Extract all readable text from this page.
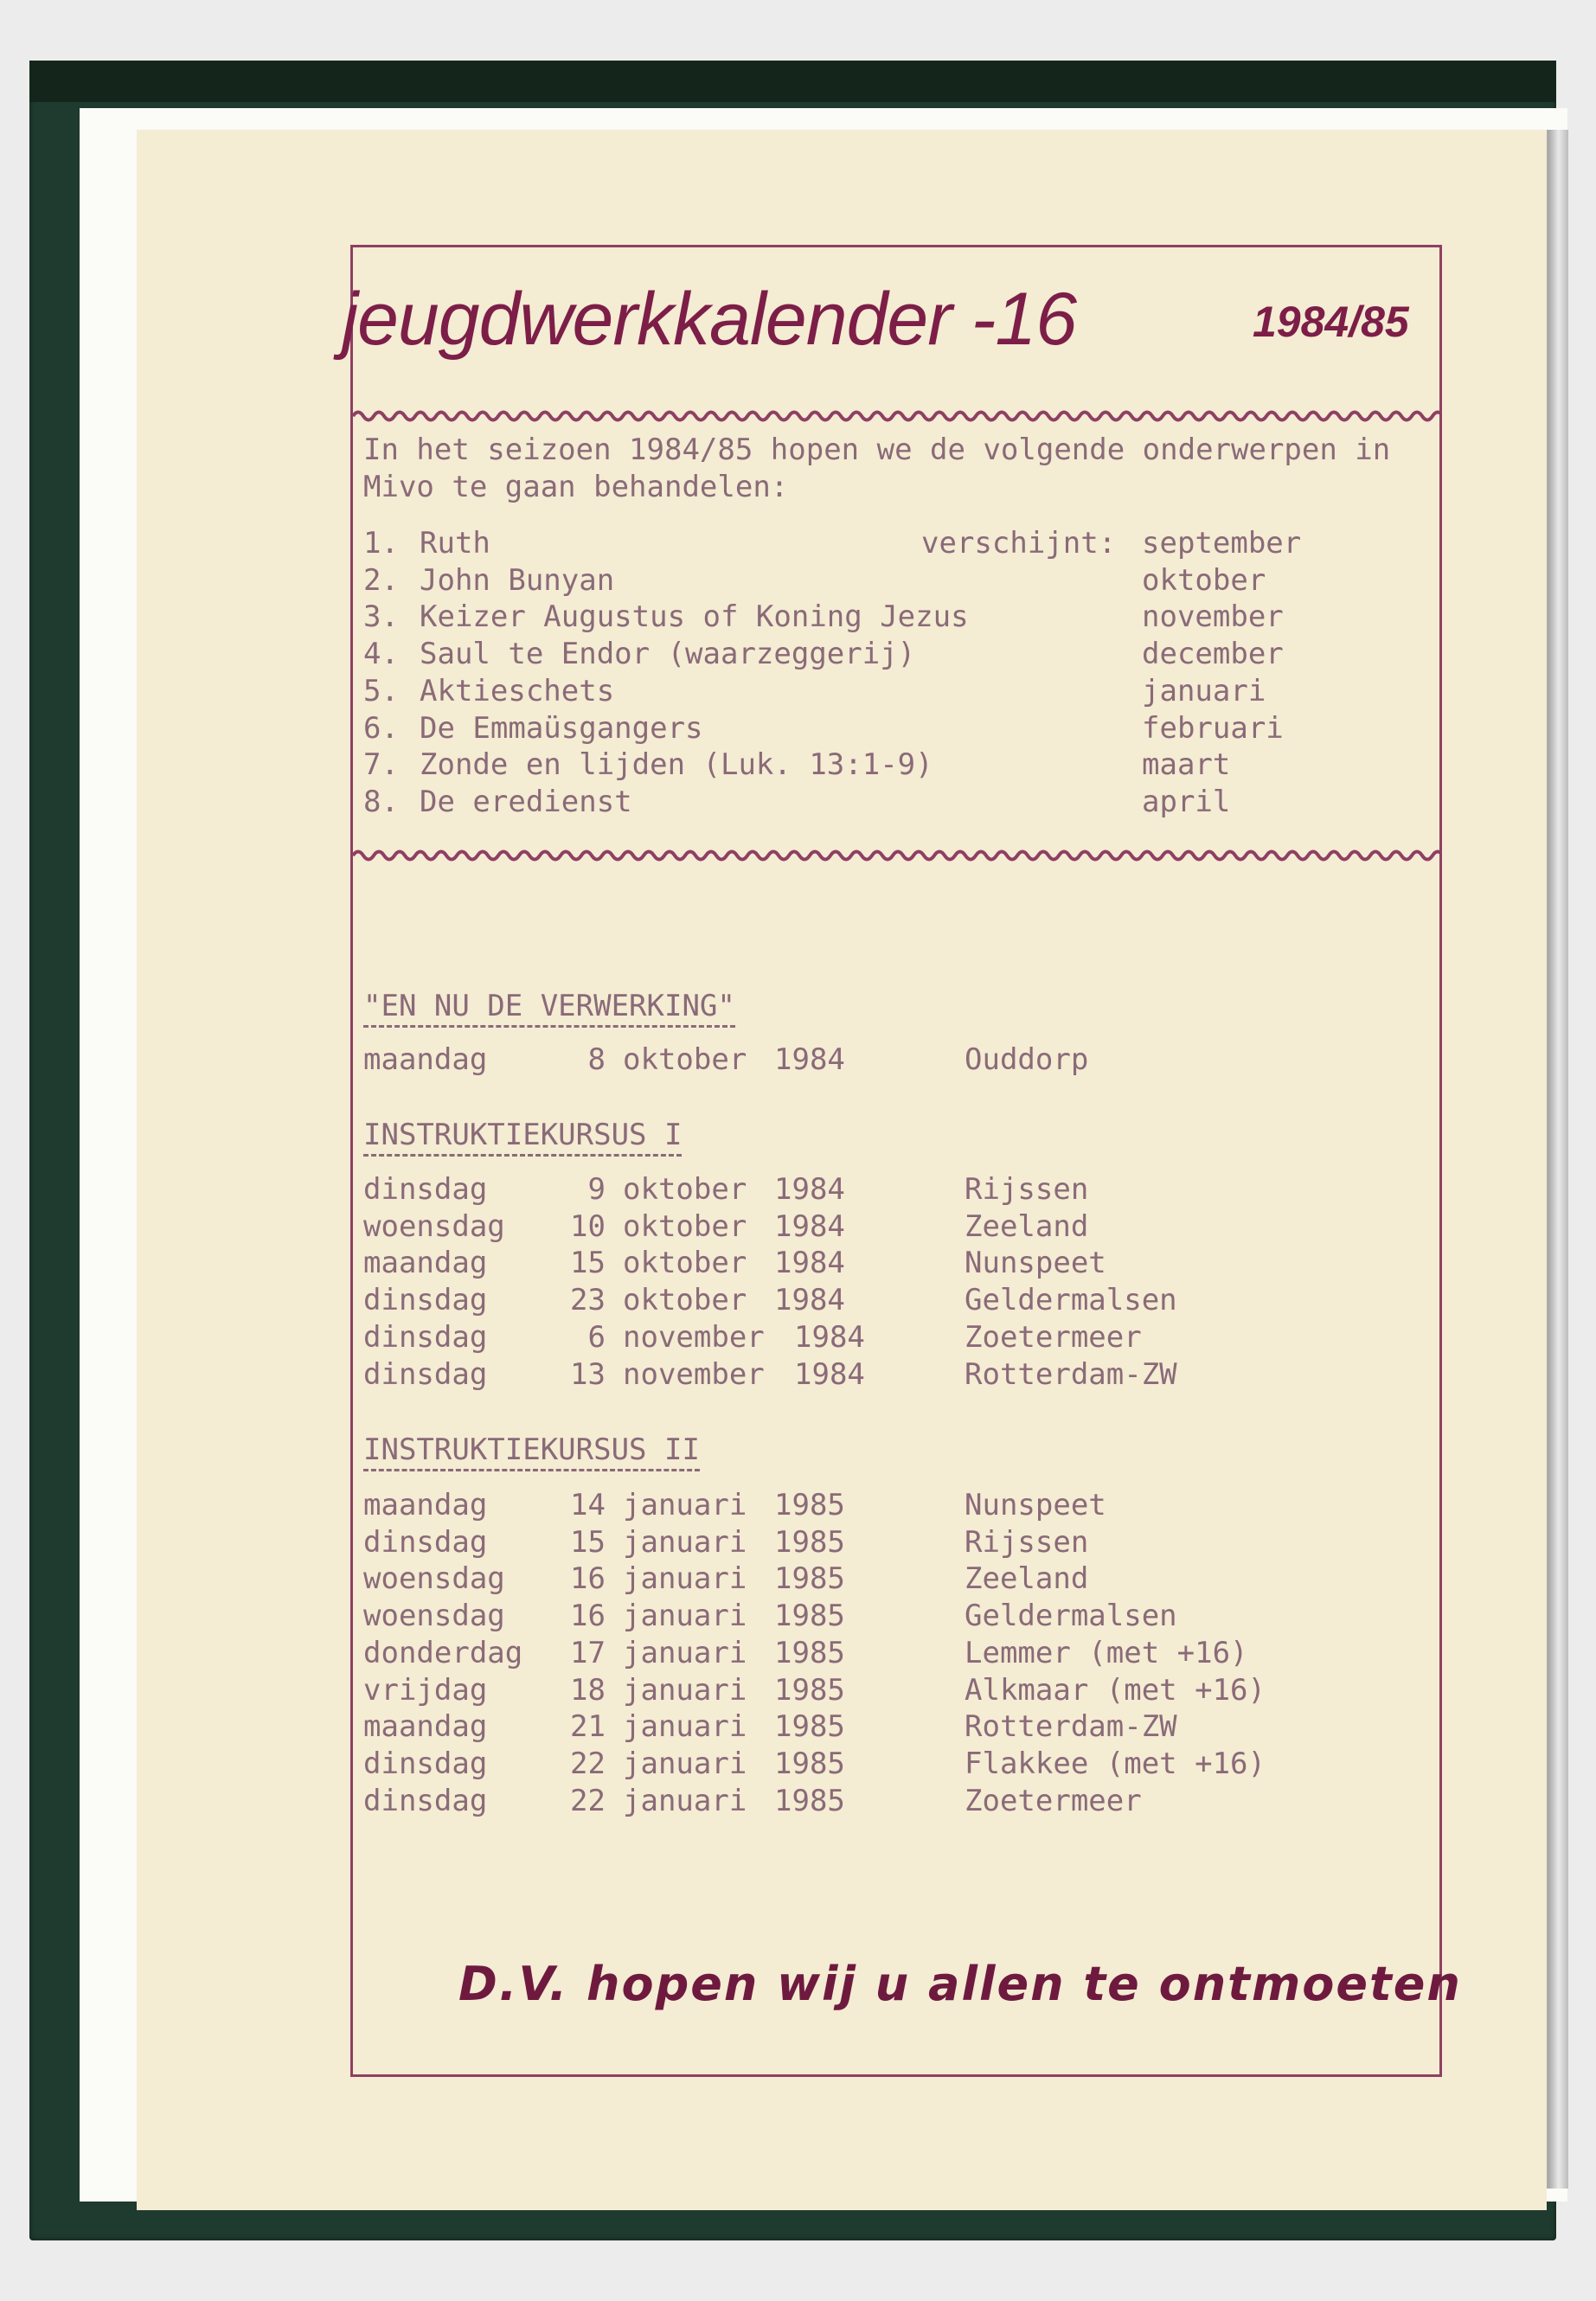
jeugdwerkkalender -16	1984/85
In het seizoen 1984/85 hopen we de volgende onderwerpen in
Mivo te gaan behandelen:
verschijnt:
1. Ruth	september
2. John Bunyan	oktober
3. Keizer Augustus of Koning Jezus	november
4. Saul te Endor (waarzeggerij)	december
5. Aktieschets	januari
6. De Emmaüsgangers	februari
7. Zonde en lijden (Luk. 13:1-9)	maart
8. De eredienst	april
"EN NU DE VERWERKING"
maandag	8 oktober 1984	Ouddorp
INSTRUKTIEKURSUS I
dinsdag	9 oktober 1984	Rijssen
woensdag	10 oktober 1984	Zeeland
maandag	15 oktober 1984	Nunspeet
dinsdag	23 oktober 1984	Geldermalsen
dinsdag	6 november 1984	Zoetermeer
dinsdag	13 november 1984	Rotterdam-ZW
INSTRUKTIEKURSUS II
maandag	14 januari 1985	Nunspeet
dinsdag	15 januari 1985	Rijssen
woensdag	16 januari 1985	Zeeland
woensdag	16 januari 1985	Geldermalsen
donderdag	17 januari 1985	Lemmer (met +16)
vrijdag	18 januari 1985	Alkmaar (met +16)
maandag	21 januari 1985	Rotterdam-ZW
dinsdag	22 januari 1985	Flakkee (met +16)
dinsdag	22 januari 1985	Zoetermeer
D.V. hopen wij u allen te ontmoeten
